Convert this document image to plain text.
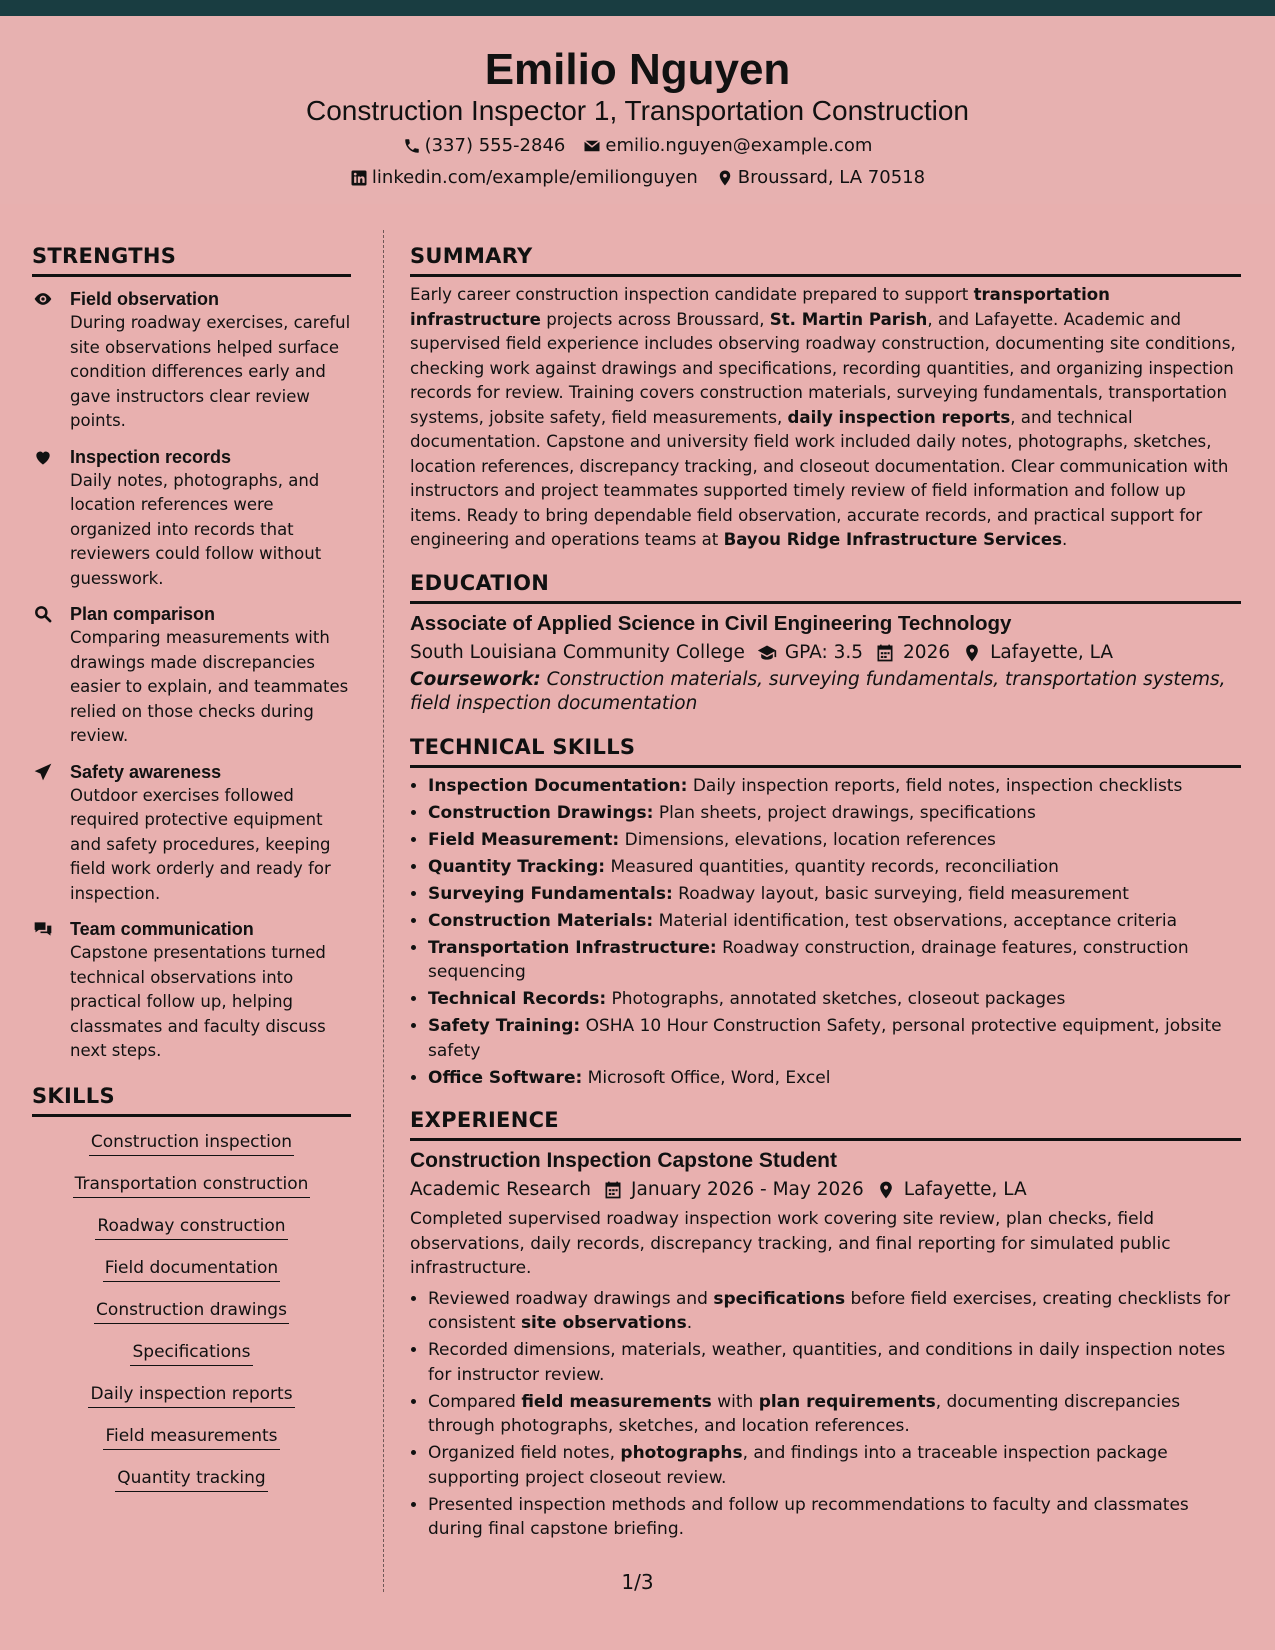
Emilio Nguyen
Construction Inspector 1, Transportation Construction
(337) 555-2846 emilio.nguyen@example.com
linkedin.com/example/emilionguyen Broussard, LA 70518
STRENGTHS
Field observation
During roadway exercises, careful site observations helped surface condition differences early and gave instructors clear review points.
Inspection records
Daily notes, photographs, and location references were organized into records that reviewers could follow without guesswork.
Plan comparison
Comparing measurements with drawings made discrepancies easier to explain, and teammates relied on those checks during review.
Safety awareness
Outdoor exercises followed required protective equipment and safety procedures, keeping field work orderly and ready for inspection.
Team communication
Capstone presentations turned technical observations into practical follow up, helping classmates and faculty discuss next steps.
SKILLS
Construction inspection
Transportation construction
Roadway construction
Field documentation
Construction drawings
Specifications
Daily inspection reports
Field measurements
Quantity tracking
SUMMARY

Early career construction inspection candidate prepared to support transportation infrastructure projects across Broussard, St. Martin Parish, and Lafayette. Academic and supervised field experience includes observing roadway construction, documenting site conditions, checking work against drawings and specifications, recording quantities, and organizing inspection records for review. Training covers construction materials, surveying fundamentals, transportation systems, jobsite safety, field measurements, daily inspection reports, and technical documentation. Capstone and university field work included daily notes, photographs, sketches, location references, discrepancy tracking, and closeout documentation. Clear communication with instructors and project teammates supported timely review of field information and follow up items. Ready to bring dependable field observation, accurate records, and practical support for engineering and operations teams at Bayou Ridge Infrastructure Services.

EDUCATION
Associate of Applied Science in Civil Engineering Technology
South Louisiana Community College GPA: 3.5 2026 Lafayette, LA
Coursework: Construction materials, surveying fundamentals, transportation systems, field inspection documentation
TECHNICAL SKILLS
• Inspection Documentation: Daily inspection reports, field notes, inspection checklists
• Construction Drawings: Plan sheets, project drawings, specifications
• Field Measurement: Dimensions, elevations, location references
• Quantity Tracking: Measured quantities, quantity records, reconciliation
• Surveying Fundamentals: Roadway layout, basic surveying, field measurement
• Construction Materials: Material identification, test observations, acceptance criteria
• Transportation Infrastructure: Roadway construction, drainage features, construction sequencing
• Technical Records: Photographs, annotated sketches, closeout packages
• Safety Training: OSHA 10 Hour Construction Safety, personal protective equipment, jobsite safety
• Office Software: Microsoft Office, Word, Excel
EXPERIENCE
Construction Inspection Capstone Student
Academic Research January 2026 - May 2026 Lafayette, LA
Completed supervised roadway inspection work covering site review, plan checks, field observations, daily records, discrepancy tracking, and final reporting for simulated public infrastructure.
• Reviewed roadway drawings and specifications before field exercises, creating checklists for consistent site observations.
• Recorded dimensions, materials, weather, quantities, and conditions in daily inspection notes for instructor review.
• Compared field measurements with plan requirements, documenting discrepancies through photographs, sketches, and location references.
• Organized field notes, photographs, and findings into a traceable inspection package supporting project closeout review.
• Presented inspection methods and follow up recommendations to faculty and classmates during final capstone briefing.
1/3
